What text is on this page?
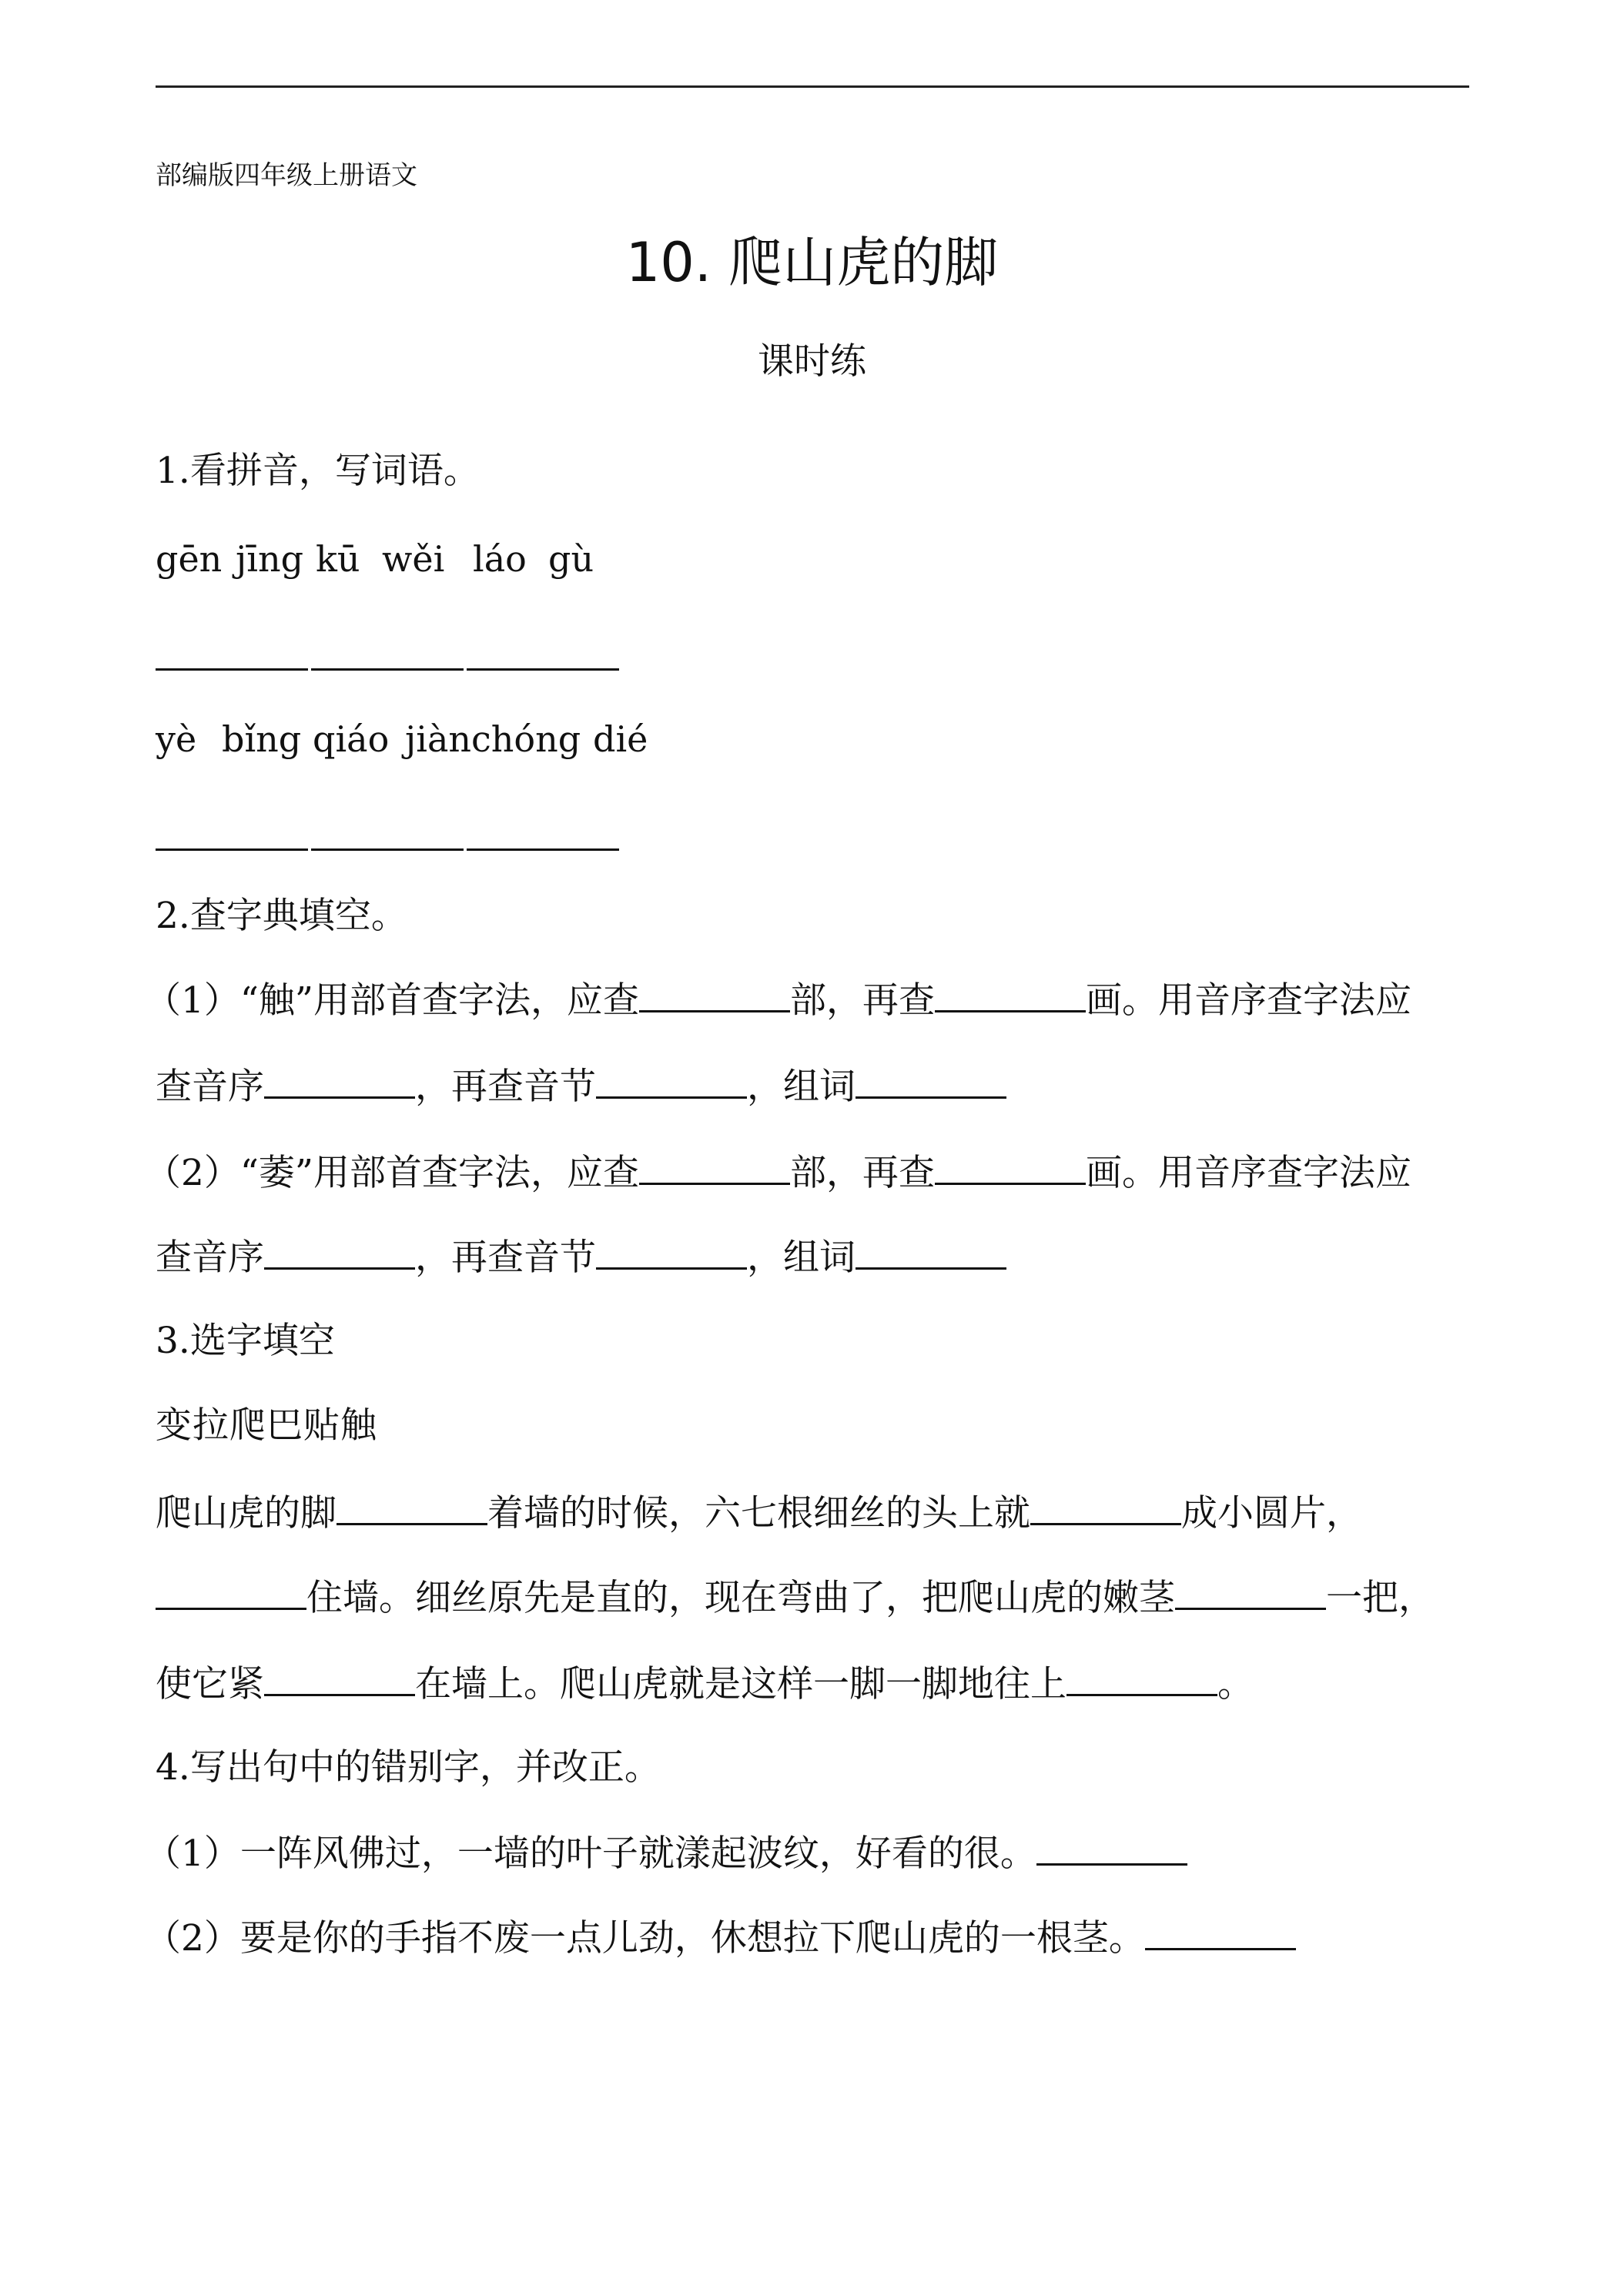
部编版四年级上册语文
10. 爬山虎的脚
课时练
1.看拼音，写词语。
gēn jīng kū wěi láo gù
yè bǐng qiáo jiàn chóng dié
2.查字典填空。
（1）“触”用部首查字法，应查	部，再查	画。用音序查字法应
查音序	，再查音节	，组词
（2）“萎”用部首查字法，应查	部，再查	画。用音序查字法应
查音序	，再查音节	，组词
3.选字填空
变拉爬巴贴触
爬山虎的脚	着墙的时候，六七根细丝的头上就	成小圆片，
住墙。细丝原先是直的，现在弯曲了，把爬山虎的嫩茎	一把，
使它紧	在墙上。爬山虎就是这样一脚一脚地往上	。
4.写出句中的错别字，并改正。
（1）一阵风佛过，一墙的叶子就漾起波纹，好看的很。
（2）要是你的手指不废一点儿劲，休想拉下爬山虎的一根茎。
